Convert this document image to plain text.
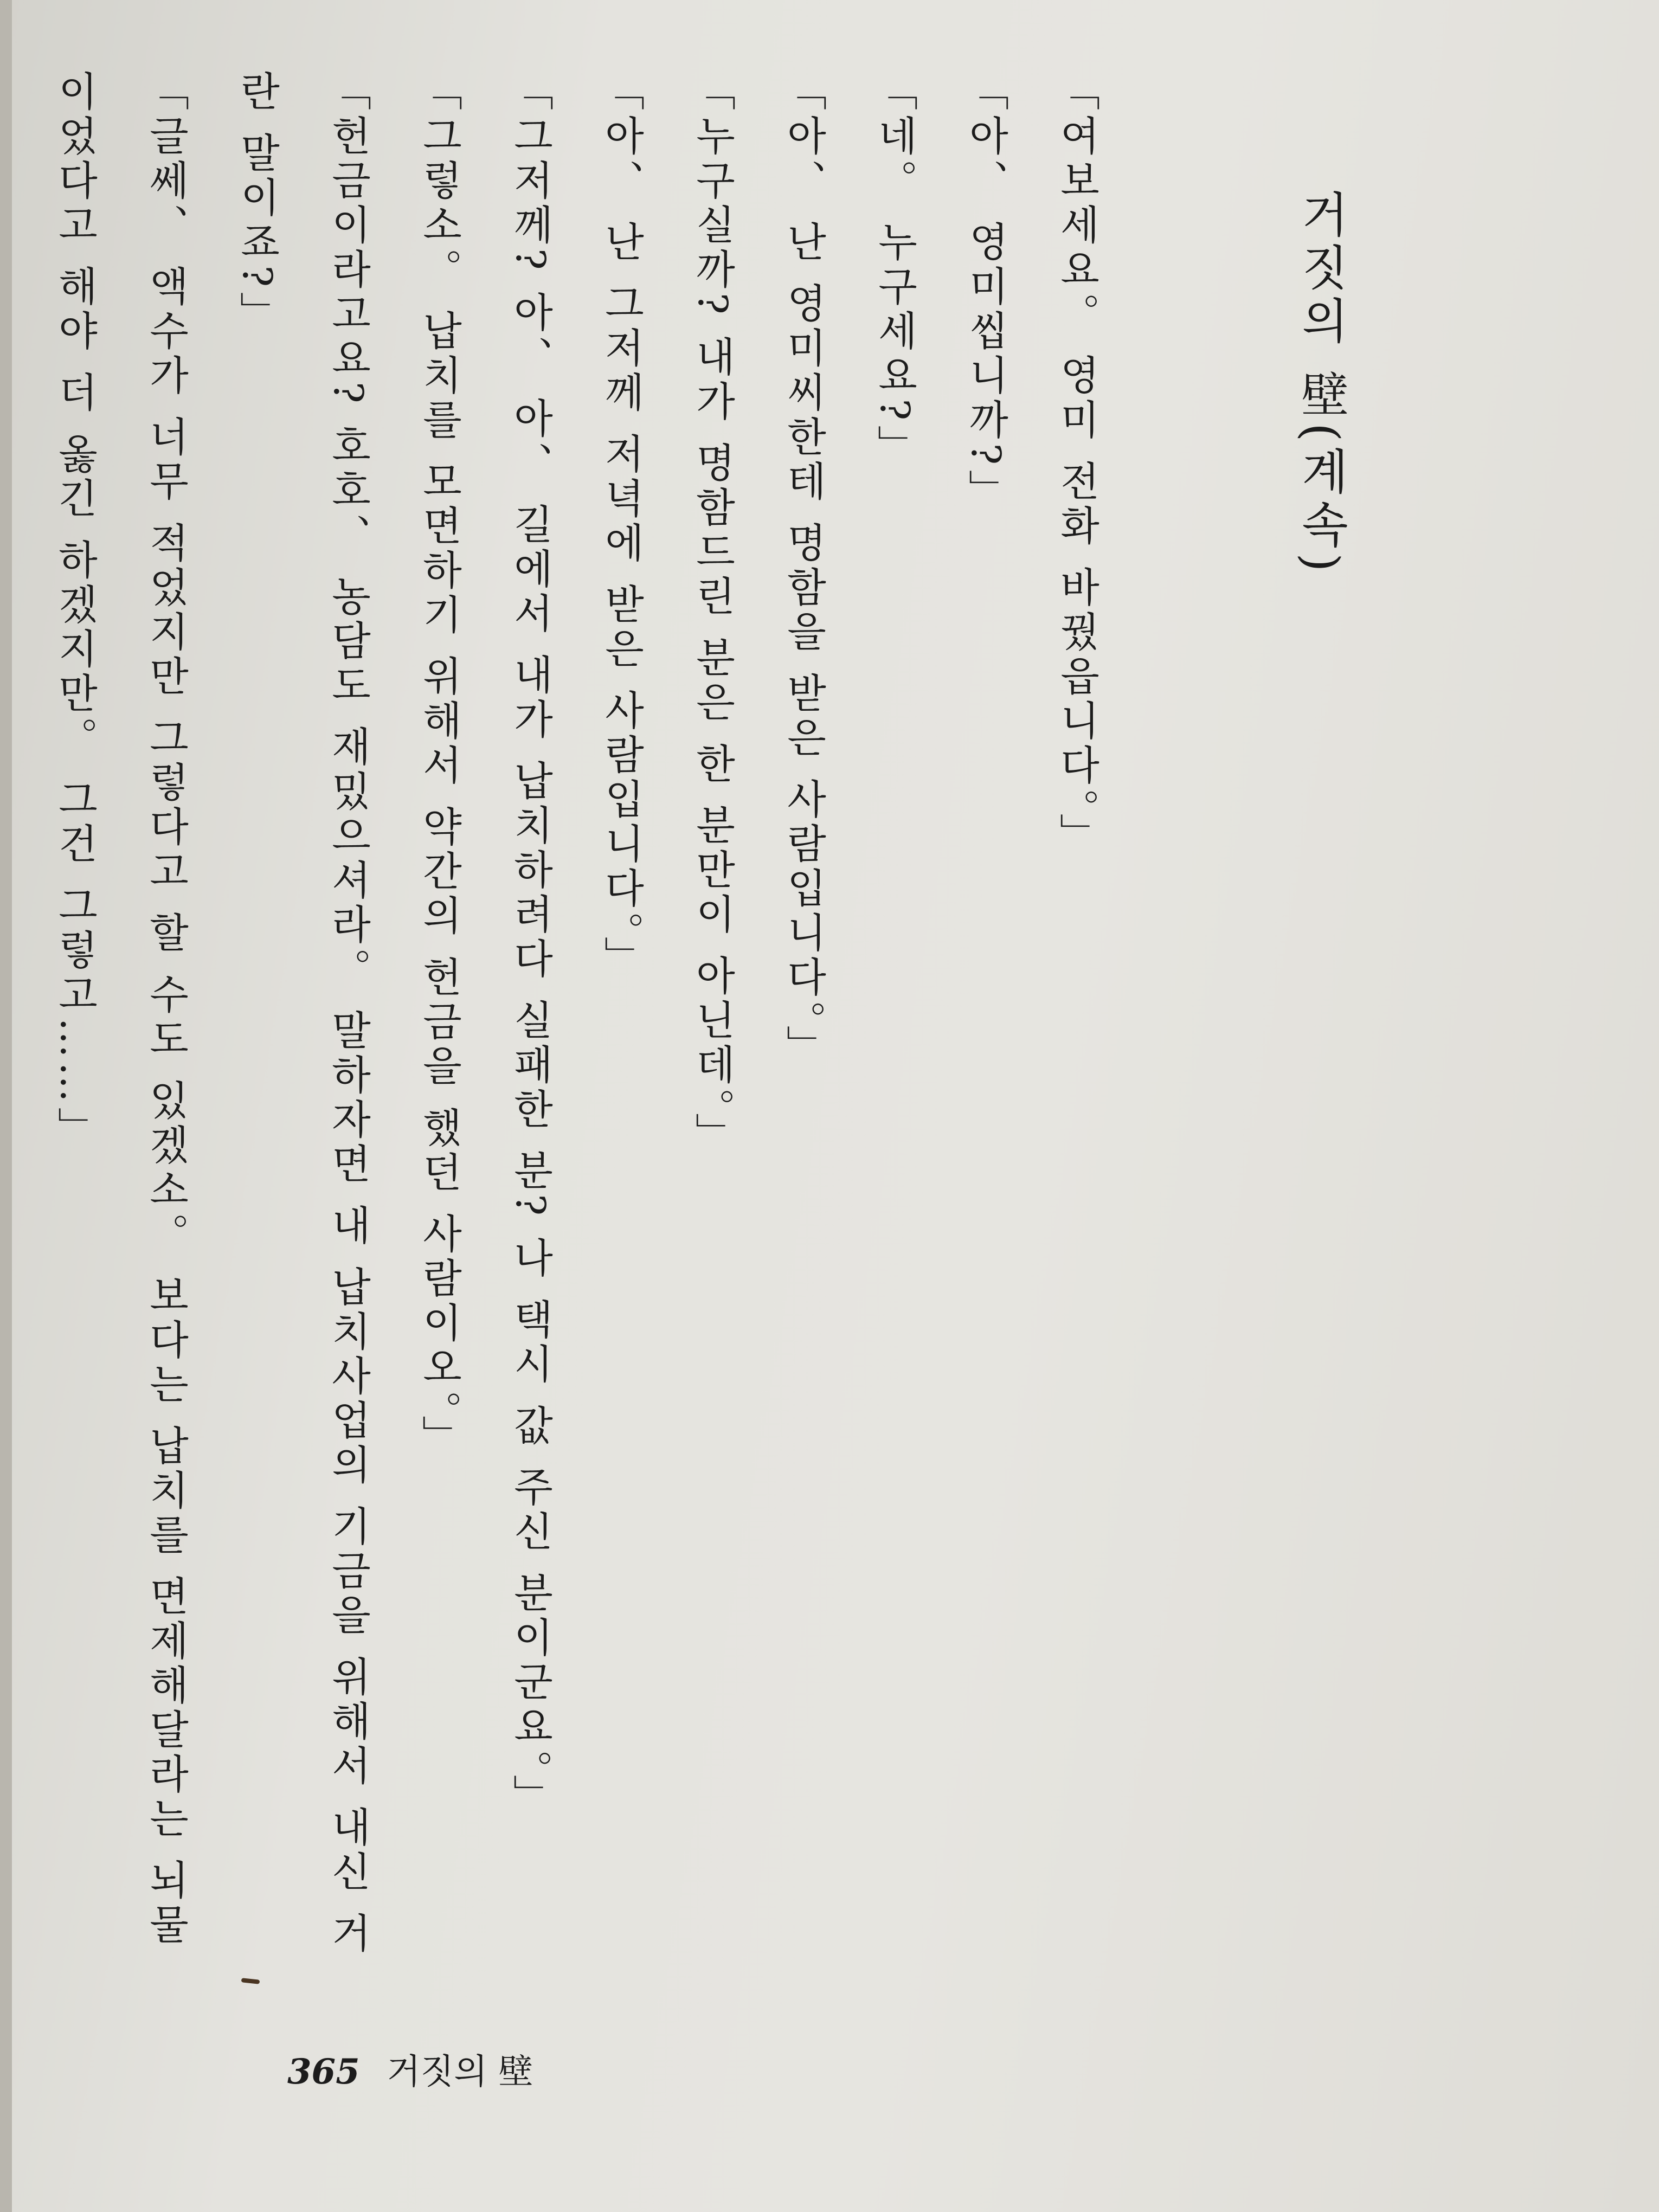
거짓의 壁(계속)

「여보세요。 영미 전화 바꿨읍니다。」

「아、 영미씹니까?」

「네。 누구세요?」

「아、 난 영미씨한테 명함을 받은 사람입니다。」

「누구실까? 내가 명함드린 분은 한 분만이 아닌데。」

「아、 난 그저께 저녁에 받은 사람입니다。」

「그저께? 아、 아、 길에서 내가 납치하려다 실패한 분? 나 택시 값 주신 분이군요。」

「그렇소。 납치를 모면하기 위해서 약간의 헌금을 했던 사람이오。」

「헌금이라고요? 호호、 농담도 재밌으셔라。 말하자면 내 납치사업의 기금을 위해서 내신 거

란 말이죠?」

「글쎄、 액수가 너무 적었지만 그렇다고 할 수도 있겠소。 보다는 납치를 면제해달라는 뇌물

이었다고 해야 더 옳긴 하겠지만。 그건 그렇고……」

365 거짓의 壁
